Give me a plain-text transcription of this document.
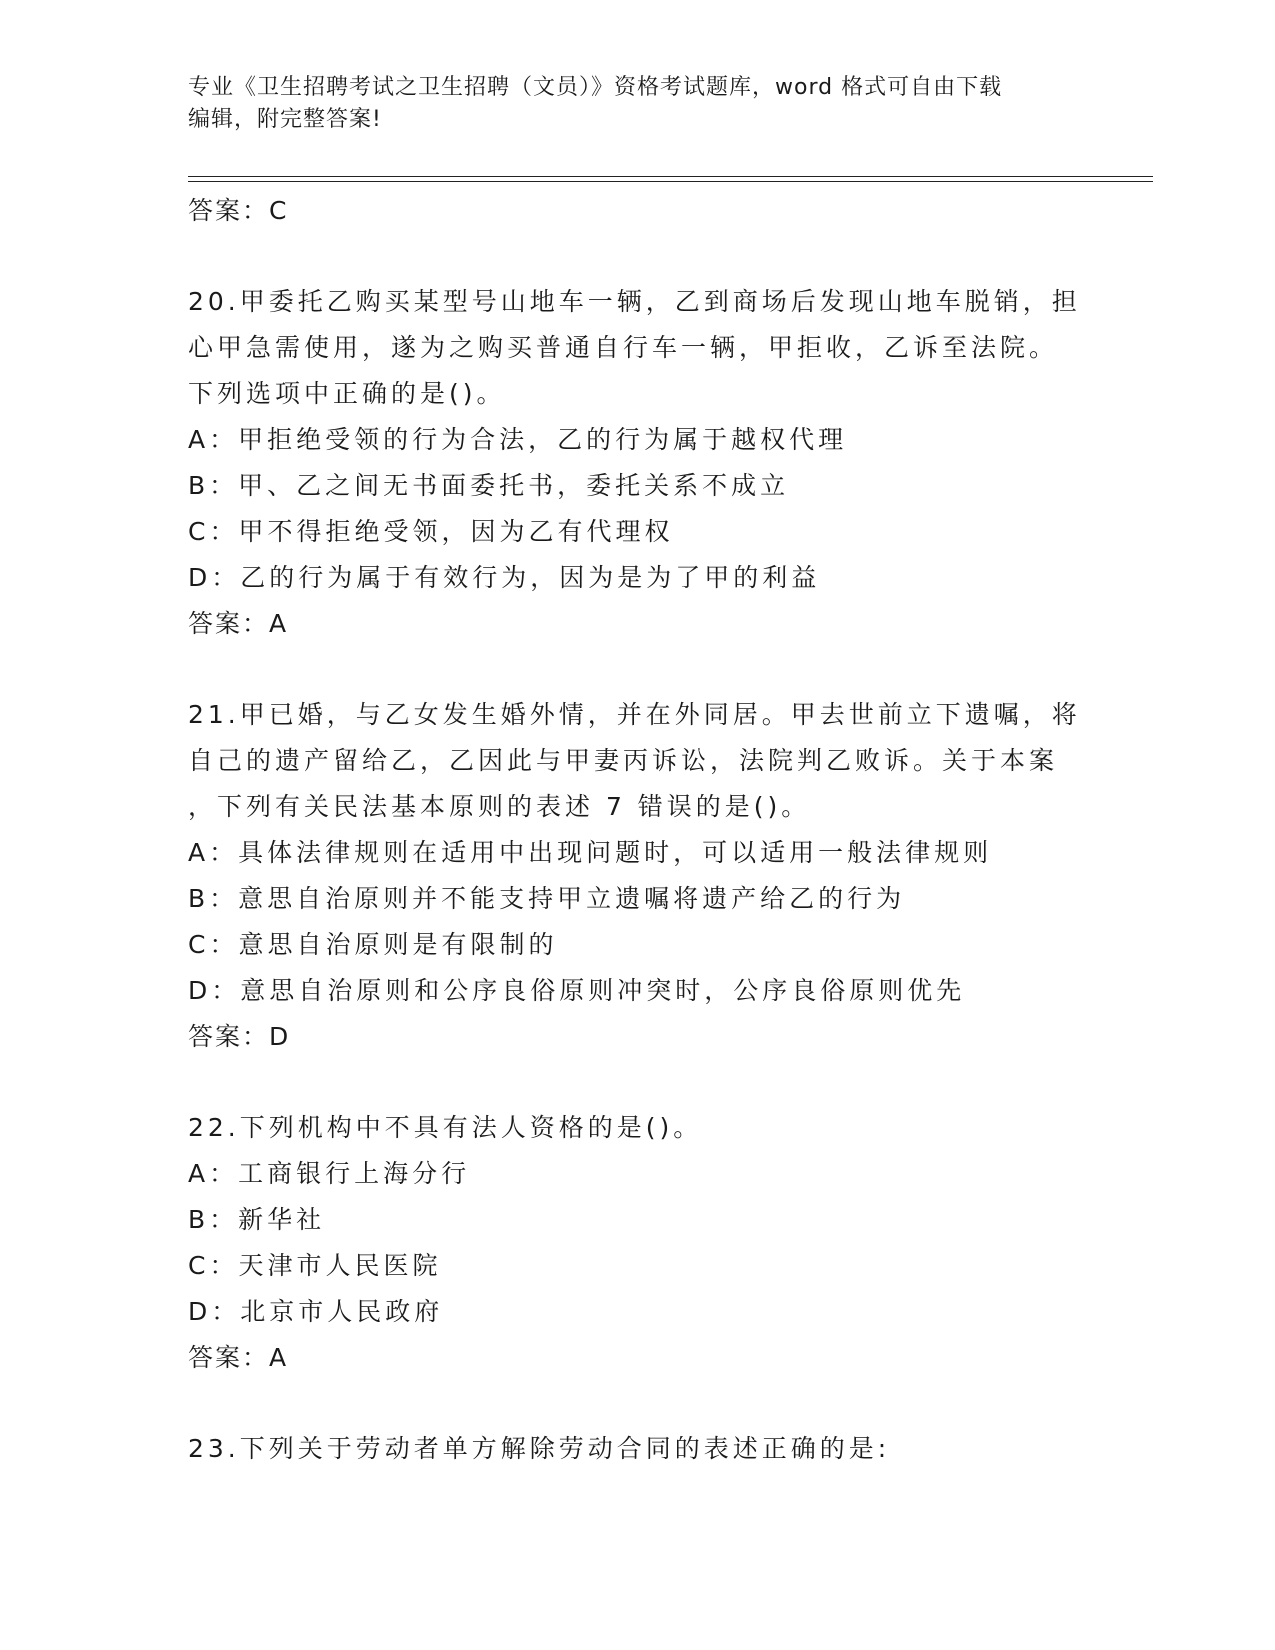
专业《卫生招聘考试之卫生招聘（文员）》资格考试题库，word 格式可自由下载
编辑，附完整答案!
答案：C
20.甲委托乙购买某型号山地车一辆，乙到商场后发现山地车脱销，担
心甲急需使用，遂为之购买普通自行车一辆，甲拒收，乙诉至法院。
下列选项中正确的是()。
A：甲拒绝受领的行为合法，乙的行为属于越权代理
B：甲、乙之间无书面委托书，委托关系不成立
C：甲不得拒绝受领，因为乙有代理权
D：乙的行为属于有效行为，因为是为了甲的利益
答案：A
21.甲已婚，与乙女发生婚外情，并在外同居。甲去世前立下遗嘱，将
自己的遗产留给乙，乙因此与甲妻丙诉讼，法院判乙败诉。关于本案
，下列有关民法基本原则的表述 7 错误的是()。
A：具体法律规则在适用中出现问题时，可以适用一般法律规则
B：意思自治原则并不能支持甲立遗嘱将遗产给乙的行为
C：意思自治原则是有限制的
D：意思自治原则和公序良俗原则冲突时，公序良俗原则优先
答案：D
22.下列机构中不具有法人资格的是()。
A：工商银行上海分行
B：新华社
C：天津市人民医院
D：北京市人民政府
答案：A
23.下列关于劳动者单方解除劳动合同的表述正确的是:
